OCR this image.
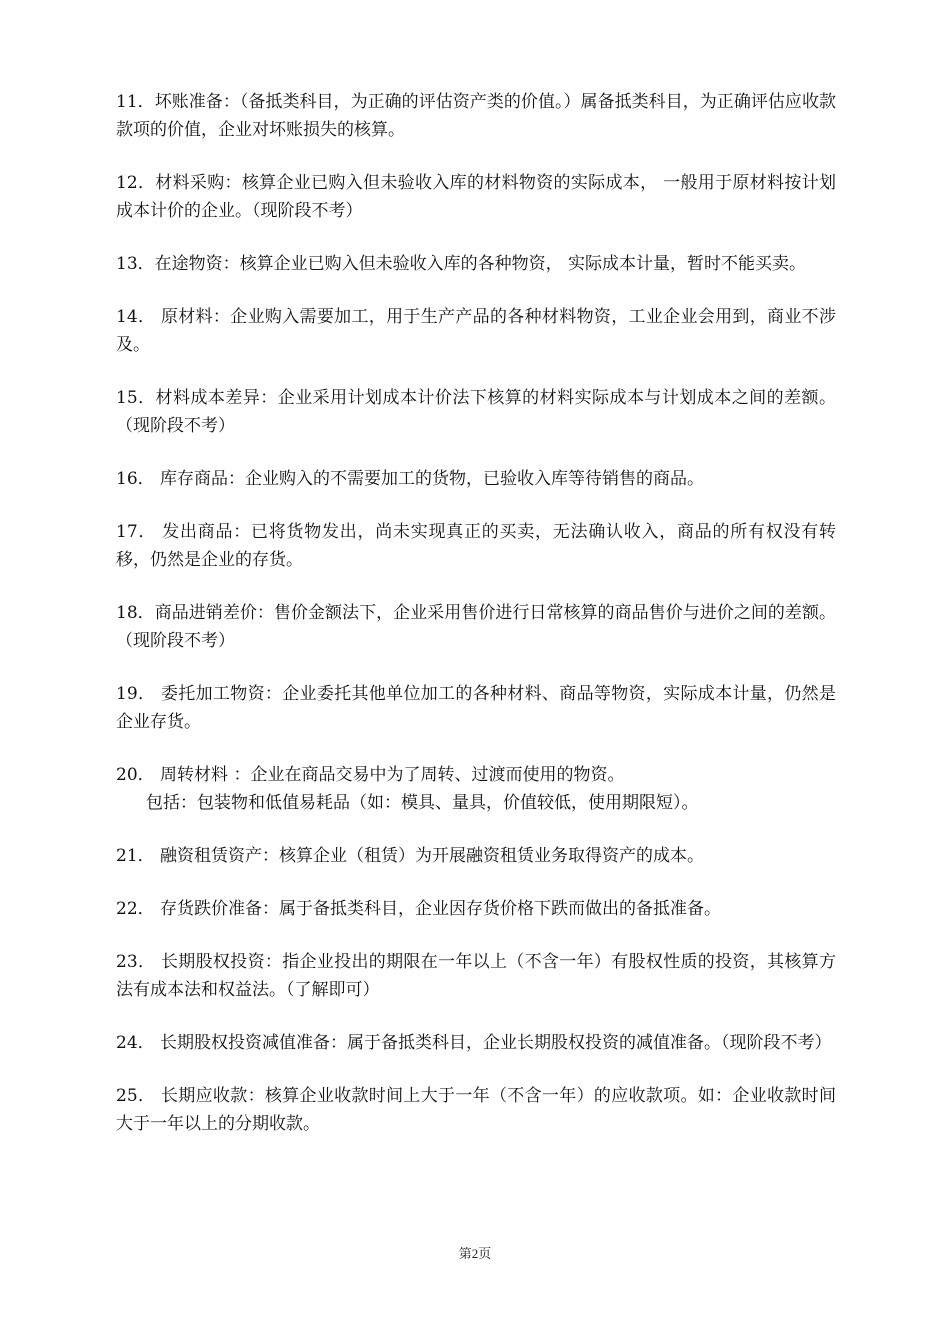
11．坏账准备：（备抵类科目，为正确的评估资产类的价值。）属备抵类科目，为正确评估应收款款项的价值，企业对坏账损失的核算。

12．材料采购：核算企业已购入但未验收入库的材料物资的实际成本， 一般用于原材料按计划成本计价的企业。（现阶段不考）

13．在途物资：核算企业已购入但未验收入库的各种物资， 实际成本计量，暂时不能买卖。

14． 原材料：企业购入需要加工，用于生产产品的各种材料物资，工业企业会用到，商业不涉及。

15．材料成本差异：企业采用计划成本计价法下核算的材料实际成本与计划成本之间的差额。（现阶段不考）

16． 库存商品：企业购入的不需要加工的货物，已验收入库等待销售的商品。

17． 发出商品：已将货物发出，尚未实现真正的买卖，无法确认收入，商品的所有权没有转移，仍然是企业的存货。

18．商品进销差价：售价金额法下，企业采用售价进行日常核算的商品售价与进价之间的差额。（现阶段不考）

19． 委托加工物资：企业委托其他单位加工的各种材料、商品等物资，实际成本计量，仍然是企业存货。

20． 周转材料 ：企业在商品交易中为了周转、过渡而使用的物资。
包括：包装物和低值易耗品（如：模具、量具，价值较低，使用期限短）。

21． 融资租赁资产：核算企业（租赁）为开展融资租赁业务取得资产的成本。

22． 存货跌价准备：属于备抵类科目，企业因存货价格下跌而做出的备抵准备。

23． 长期股权投资：指企业投出的期限在一年以上（不含一年）有股权性质的投资，其核算方法有成本法和权益法。（了解即可）

24． 长期股权投资减值准备：属于备抵类科目，企业长期股权投资的减值准备。（现阶段不考）

25． 长期应收款：核算企业收款时间上大于一年（不含一年）的应收款项。如：企业收款时间大于一年以上的分期收款。

第2页
